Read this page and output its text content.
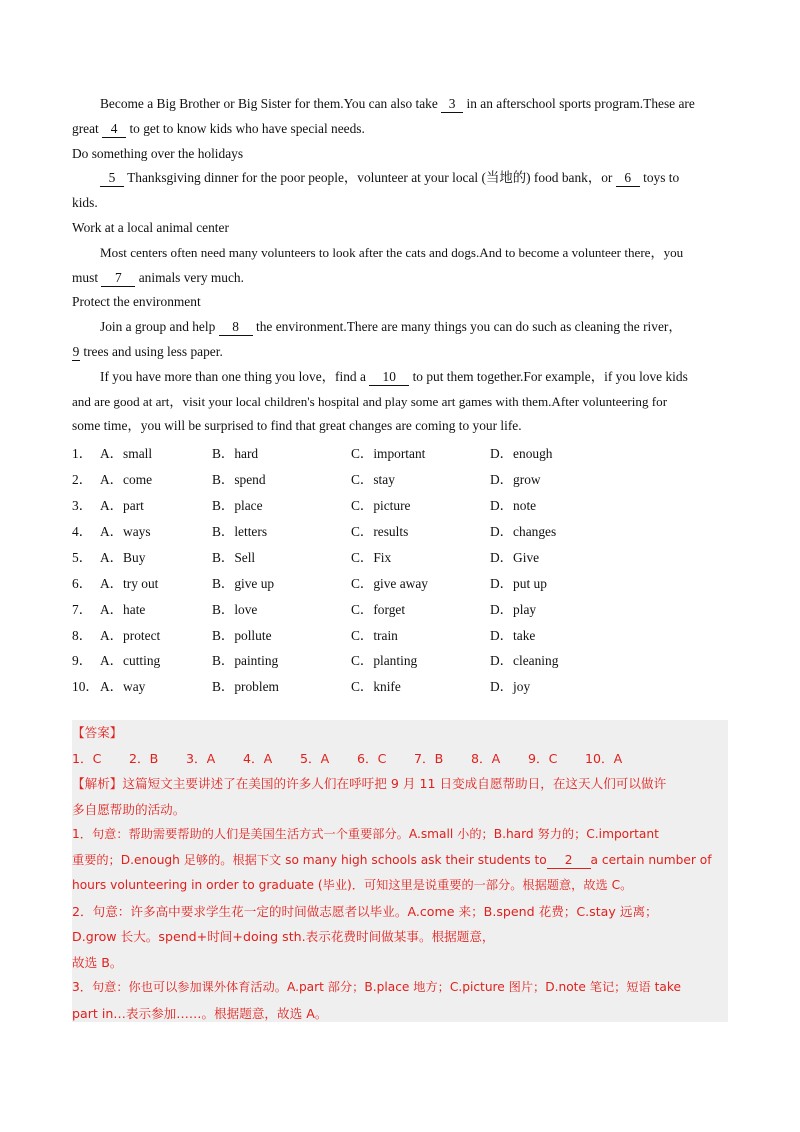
Become a Big Brother or Big Sister for them.You can also take 3 in an afterschool sports program.These are
great 4 to get to know kids who have special needs.
Do something over the holidays
5 Thanksgiving dinner for the poor people，volunteer at your local (当地的) food bank，or 6 toys to
kids.
Work at a local animal center
Most centers often need many volunteers to look after the cats and dogs.And to become a volunteer there，you
must 7 animals very much.
Protect the environment
Join a group and help 8 the environment.There are many things you can do such as cleaning the river，
9 trees and using less paper.
If you have more than one thing you love，find a 10 to put them together.For example，if you love kids
and are good at art，visit your local children's hospital and play some art games with them.After volunteering for
some time，you will be surprised to find that great changes are coming to your life.
1． A．small	B．hard	C．important	D．enough
2． A．come	B．spend	C．stay	D．grow
3． A．part	B．place	C．picture	D．note
4． A．ways	B．letters	C．results	D．changes
5． A．Buy	B．Sell	C．Fix	D．Give
6． A．try out	B．give up	C．give away	D．put up
7． A．hate	B．love	C．forget	D．play
8． A．protect	B．pollute	C．train	D．take
9． A．cutting	B．painting	C．planting	D．cleaning
10． A．way	B．problem	C．knife	D．joy
【答案】
1．C	2．B	3．A	4．A	5．A	6．C	7．B	8．A	9．C	10．A
【解析】这篇短文主要讲述了在美国的许多人们在呼吁把 9 月 11 日变成自愿帮助日，在这天人们可以做许
多自愿帮助的活动。
1．句意：帮助需要帮助的人们是美国生活方式一个重要部分。A.small 小的；B.hard 努力的；C.important
重要的；D.enough 足够的。根据下文 so many high schools ask their students to 2 a certain number of
hours volunteering in order to graduate (毕业)．可知这里是说重要的一部分。根据题意，故选 C。
2．句意：许多高中要求学生花一定的时间做志愿者以毕业。A.come 来；B.spend 花费；C.stay 远离；
D.grow 长大。spend+时间+doing sth.表示花费时间做某事。根据题意，
故选 B。
3．句意：你也可以参加课外体育活动。A.part 部分；B.place 地方；C.picture 图片；D.note 笔记；短语 take
part in…表示参加……。根据题意，故选 A。
